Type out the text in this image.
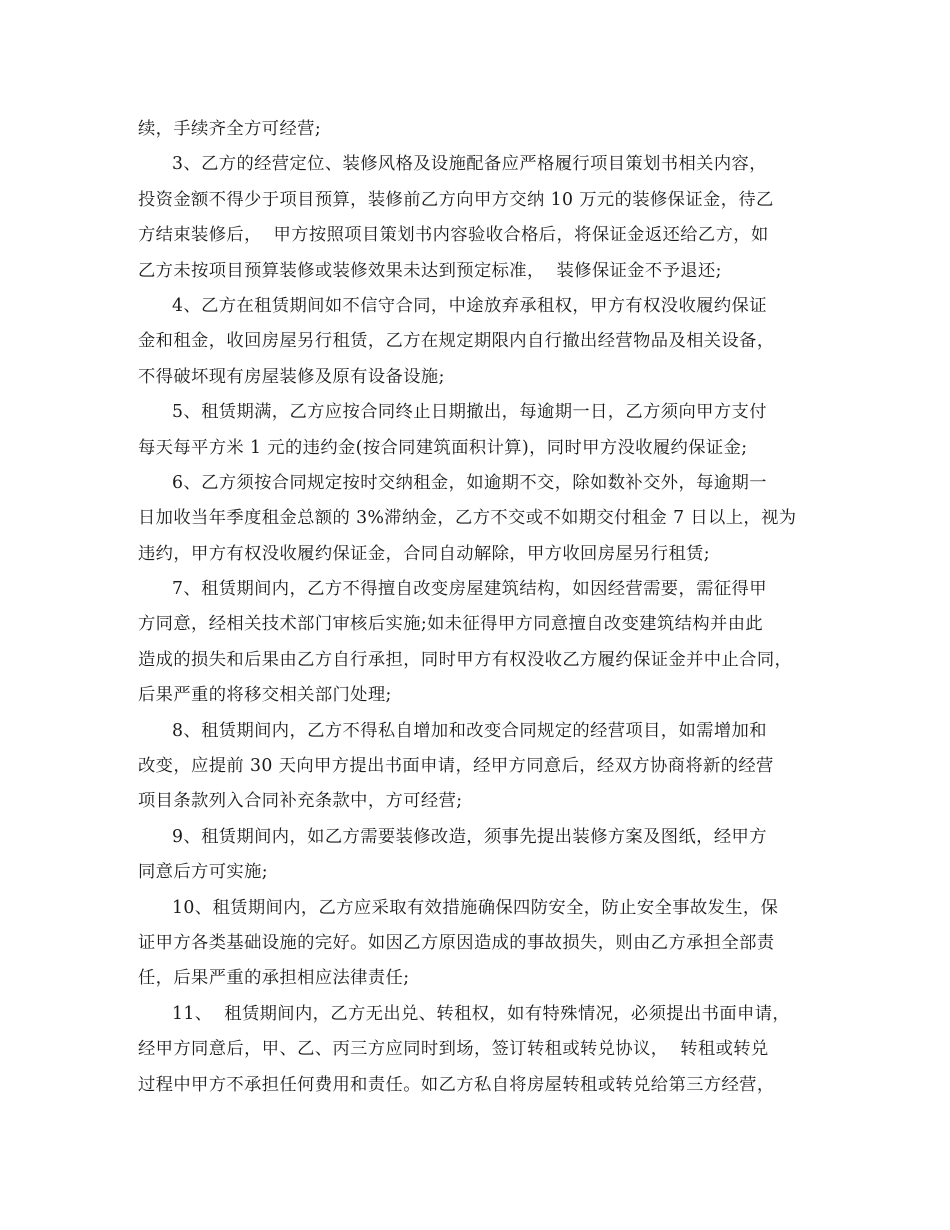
续，手续齐全方可经营;
3、乙方的经营定位、装修风格及设施配备应严格履行项目策划书相关内容，
投资金额不得少于项目预算，装修前乙方向甲方交纳 10 万元的装修保证金，待乙
方结束装修后，  甲方按照项目策划书内容验收合格后，将保证金返还给乙方，如
乙方未按项目预算装修或装修效果未达到预定标准，  装修保证金不予退还;
4、乙方在租赁期间如不信守合同，中途放弃承租权，甲方有权没收履约保证
金和租金，收回房屋另行租赁，乙方在规定期限内自行撤出经营物品及相关设备，
不得破坏现有房屋装修及原有设备设施;
5、租赁期满，乙方应按合同终止日期撤出，每逾期一日，乙方须向甲方支付
每天每平方米 1 元的违约金(按合同建筑面积计算)，同时甲方没收履约保证金;
6、乙方须按合同规定按时交纳租金，如逾期不交，除如数补交外，每逾期一
日加收当年季度租金总额的 3%滞纳金，乙方不交或不如期交付租金 7 日以上，视为
违约，甲方有权没收履约保证金，合同自动解除，甲方收回房屋另行租赁;
7、租赁期间内，乙方不得擅自改变房屋建筑结构，如因经营需要，需征得甲
方同意，经相关技术部门审核后实施;如未征得甲方同意擅自改变建筑结构并由此
造成的损失和后果由乙方自行承担，同时甲方有权没收乙方履约保证金并中止合同，
后果严重的将移交相关部门处理;
8、租赁期间内，乙方不得私自增加和改变合同规定的经营项目，如需增加和
改变，应提前 30 天向甲方提出书面申请，经甲方同意后，经双方协商将新的经营
项目条款列入合同补充条款中，方可经营;
9、租赁期间内，如乙方需要装修改造，须事先提出装修方案及图纸，经甲方
同意后方可实施;
10、租赁期间内，乙方应采取有效措施确保四防安全，防止安全事故发生，保
证甲方各类基础设施的完好。如因乙方原因造成的事故损失，则由乙方承担全部责
任，后果严重的承担相应法律责任;
11、  租赁期间内，乙方无出兑、转租权，如有特殊情况，必须提出书面申请，
经甲方同意后，甲、乙、丙三方应同时到场，签订转租或转兑协议，  转租或转兑
过程中甲方不承担任何费用和责任。如乙方私自将房屋转租或转兑给第三方经营，
